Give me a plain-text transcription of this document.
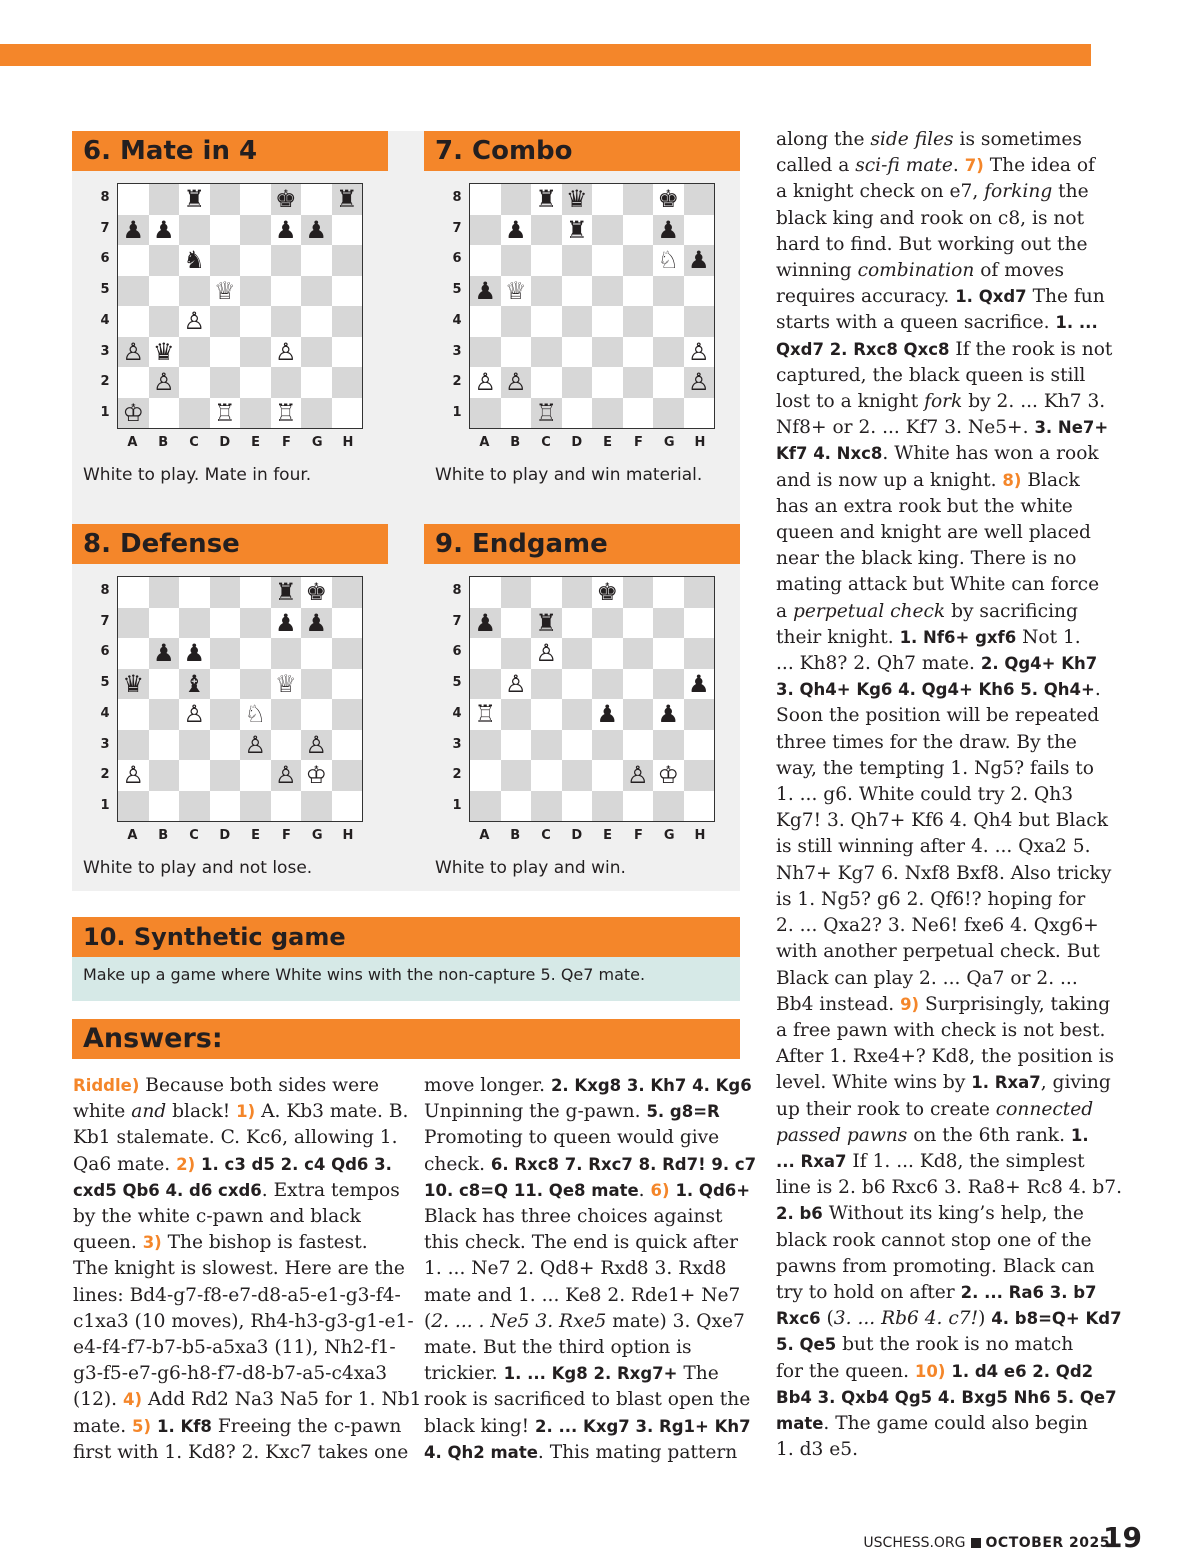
6. Mate in 4
♜	♚ ♜
♟ ♟	♟ ♟
♞
♕
♙
♙ ♛	♙
♙
♔	♖ ♖
8
7
6
5
4
3
2
1
A	B	C	D	E	F	G	H
White to play. Mate in four.
7. Combo
♜ ♛	♚
♟ ♜	♟
♘ ♟
♟ ♕
♙
♙ ♙	♙
♖
8
7
6
5
4
3
2
1
A	B	C	D	E	F	G	H
White to play and win material.
8. Defense
♜ ♚
♟ ♟
♟ ♟
♛ ♝	♕
♙ ♘
♙ ♙
♙	♙ ♔
8
7
6
5
4
3
2
1
A	B	C	D	E	F	G	H
White to play and not lose.
9. Endgame
♚
♟ ♜
♙
♙	♟
♖	♟ ♟
♙ ♔
8
7
6
5
4
3
2
1
A	B	C	D	E	F	G	H
White to play and win.
10. Synthetic game
Make up a game where White wins with the non-capture 5. Qe7 mate.
Answers:
Riddle) Because both sides were
white and black! 1) A. Kb3 mate. B.
Kb1 stalemate. C. Kc6, allowing 1.
Qa6 mate. 2) 1. c3 d5 2. c4 Qd6 3.
cxd5 Qb6 4. d6 cxd6. Extra tempos
by the white c-pawn and black
queen. 3) The bishop is fastest.
The knight is slowest. Here are the
lines: Bd4-g7-f8-e7-d8-a5-e1-g3-f4-
c1xa3 (10 moves), Rh4-h3-g3-g1-e1-
e4-f4-f7-b7-b5-a5xa3 (11), Nh2-f1-
g3-f5-e7-g6-h8-f7-d8-b7-a5-c4xa3
(12). 4) Add Rd2 Na3 Na5 for 1. Nb1
mate. 5) 1. Kf8 Freeing the c-pawn
first with 1. Kd8? 2. Kxc7 takes one
move longer. 2. Kxg8 3. Kh7 4. Kg6
Unpinning the g-pawn. 5. g8=R
Promoting to queen would give
check. 6. Rxc8 7. Rxc7 8. Rd7! 9. c7
10. c8=Q 11. Qe8 mate. 6) 1. Qd6+
Black has three choices against
this check. The end is quick after
1. ... Ne7 2. Qd8+ Rxd8 3. Rxd8
mate and 1. ... Ke8 2. Rde1+ Ne7
(2. ... . Ne5 3. Rxe5 mate) 3. Qxe7
mate. But the third option is
trickier. 1. ... Kg8 2. Rxg7+ The
rook is sacrificed to blast open the
black king! 2. ... Kxg7 3. Rg1+ Kh7
4. Qh2 mate. This mating pattern
along the side files is sometimes
called a sci-fi mate. 7) The idea of
a knight check on e7, forking the
black king and rook on c8, is not
hard to find. But working out the
winning combination of moves
requires accuracy. 1. Qxd7 The fun
starts with a queen sacrifice. 1. ...
Qxd7 2. Rxc8 Qxc8 If the rook is not
captured, the black queen is still
lost to a knight fork by 2. ... Kh7 3.
Nf8+ or 2. ... Kf7 3. Ne5+. 3. Ne7+
Kf7 4. Nxc8. White has won a rook
and is now up a knight. 8) Black
has an extra rook but the white
queen and knight are well placed
near the black king. There is no
mating attack but White can force
a perpetual check by sacrificing
their knight. 1. Nf6+ gxf6 Not 1.
... Kh8? 2. Qh7 mate. 2. Qg4+ Kh7
3. Qh4+ Kg6 4. Qg4+ Kh6 5. Qh4+.
Soon the position will be repeated
three times for the draw. By the
way, the tempting 1. Ng5? fails to
1. ... g6. White could try 2. Qh3
Kg7! 3. Qh7+ Kf6 4. Qh4 but Black
is still winning after 4. ... Qxa2 5.
Nh7+ Kg7 6. Nxf8 Bxf8. Also tricky
is 1. Ng5? g6 2. Qf6!? hoping for
2. ... Qxa2? 3. Ne6! fxe6 4. Qxg6+
with another perpetual check. But
Black can play 2. ... Qa7 or 2. ...
Bb4 instead. 9) Surprisingly, taking
a free pawn with check is not best.
After 1. Rxe4+? Kd8, the position is
level. White wins by 1. Rxa7, giving
up their rook to create connected
passed pawns on the 6th rank. 1.
... Rxa7 If 1. ... Kd8, the simplest
line is 2. b6 Rxc6 3. Ra8+ Rc8 4. b7.
2. b6 Without its king’s help, the
black rook cannot stop one of the
pawns from promoting. Black can
try to hold on after 2. ... Ra6 3. b7
Rxc6 (3. ... Rb6 4. c7!) 4. b8=Q+ Kd7
5. Qe5 but the rook is no match
for the queen. 10) 1. d4 e6 2. Qd2
Bb4 3. Qxb4 Qg5 4. Bxg5 Nh6 5. Qe7
mate. The game could also begin
1. d3 e5.
USCHESS.ORG OCTOBER 2025
19
